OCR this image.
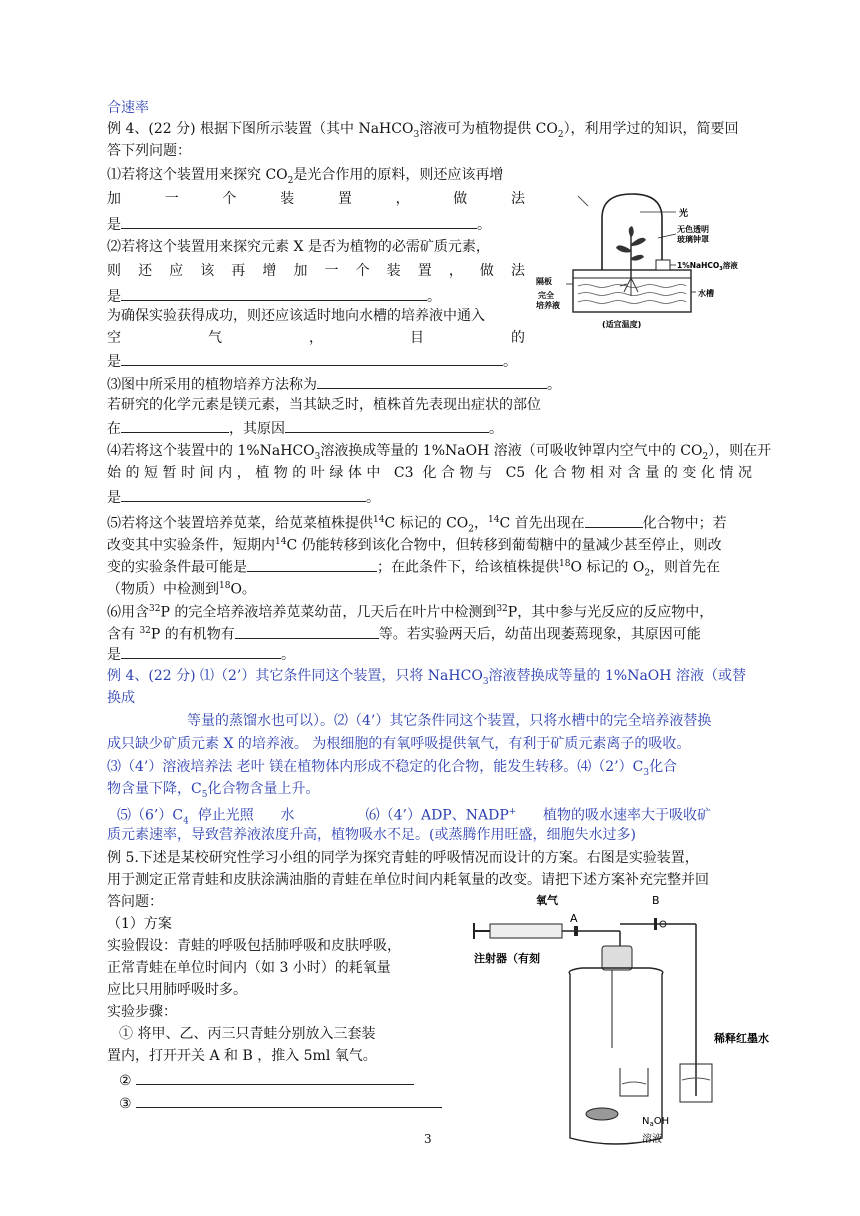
合速率
例 4、(22 分) 根据下图所示装置（其中 NaHCO$_3$溶液可为植物提供 $CO_2$），利用学过的知识，简要回
答下列问题：
⑴若将这个装置用来探究 $CO_2$是光合作用的原料，则还应该再增
加 一 个 装 置 ， 做 法
是	。
⑵若将这个装置用来探究元素 X 是否为植物的必需矿质元素，
则 还 应 该 再 增 加 一 个 装 置 ， 做 法
是	。
为确保实验获得成功，则还应该适时地向水槽的培养液中通入
空 气 ， 目 的
是	。
⑶图中所采用的植物培养方法称为	。
若研究的化学元素是镁元素，当其缺乏时，植株首先表现出症状的部位
在	，其原因	。
⑷若将这个装置中的 1%NaHCO$_3$溶液换成等量的 1%NaOH 溶液（可吸收钟罩内空气中的 $CO_2$），则在开
始的短暂时间内，植物的叶绿体中 C3 化合物与 C5 化合物相对含量的变化情况
是	。
⑸若将这个装置培养苋菜，给苋菜植株提供$^{14}$C 标记的 $CO_2$，$^{14}$C 首先出现在	化合物中；若
改变其中实验条件，短期内$^{14}$C 仍能转移到该化合物中，但转移到葡萄糖中的量减少甚至停止，则改
变的实验条件最可能是	；在此条件下，给该植株提供$^{18}$O 标记的 $O_2$，则首先在
（物质）中检测到$^{18}$O。
⑹用含$^{32}$P 的完全培养液培养苋菜幼苗，几天后在叶片中检测到$^{32}$P，其中参与光反应的反应物中，
含有 $^{32}$P 的有机物有	等。若实验两天后，幼苗出现萎蔫现象，其原因可能
是	。
例 4、(22 分) ⑴（2’）其它条件同这个装置，只将 NaHCO$_3$溶液替换成等量的 1%NaOH 溶液（或替
换成
等量的蒸馏水也可以）。⑵（4’）其它条件同这个装置，只将水槽中的完全培养液替换
成只缺少矿质元素 X 的培养液。 为根细胞的有氧呼吸提供氧气，有利于矿质元素离子的吸收。
⑶（4’）溶液培养法 老叶 镁在植物体内形成不稳定的化合物，能发生转移。$⑷(2’)C_3$化合
物含量下降，$C_5$化合物含量上升。
$⑸(6’)C_4$  停止光照      水                ⑹（4’）ADP、NADP+      植物的吸水速率大于吸收矿
质元素速率，导致营养液浓度升高，植物吸水不足。(或蒸腾作用旺盛，细胞失水过多)
例 5.下述是某校研究性学习小组的同学为探究青蛙的呼吸情况而设计的方案。右图是实验装置，
用于测定正常青蛙和皮肤涂满油脂的青蛙在单位时间内耗氧量的改变。请把下述方案补充完整并回
答问题：
（1）方案
实验假设：青蛙的呼吸包括肺呼吸和皮肤呼吸，
正常青蛙在单位时间内（如 3 小时）的耗氧量
应比只用肺呼吸时多。
实验步骤：
① 将甲、乙、丙三只青蛙分别放入三套装
置内，打开开关 A 和 B ，推入 5ml 氧气。
②
③
光
无色透明
玻璃钟罩
1%NaHCO$_3$溶液
隔板
完全
培养液
水槽
(适宜温度)
氧气
A
B
注射器（有刻
稀释红墨水
$N_aOH$
溶液
3
